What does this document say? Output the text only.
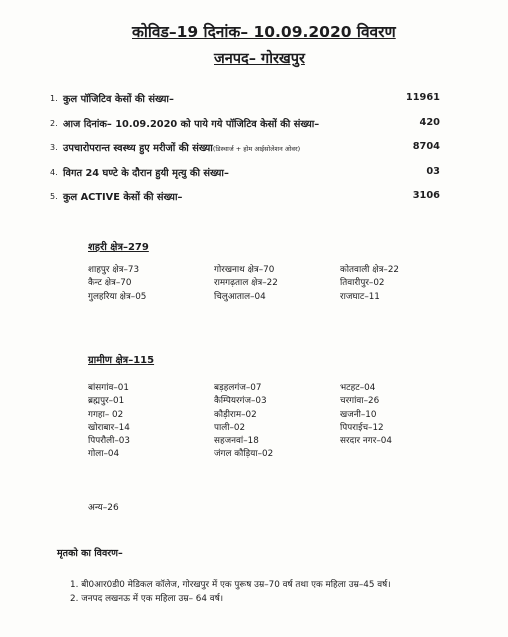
कोविड–19 दिनांक– 10.09.2020 विवरण
जनपद– गोरखपुर
1. कुल पॉजिटिव केसों की संख्या–	11961
2. आज दिनांक– 10.09.2020 को पाये गये पॉजिटिव केसों की संख्या–	420
3. उपचारोपरान्त स्वस्थ्य हुए मरीजों की संख्या(डिस्चार्ज + होम आईसोलेशन ओवर)	8704
4. विगत 24 घण्टे के दौरान हुयी मृत्यु की संख्या–	03
5. कुल ACTIVE केसों की संख्या–	3106
शहरी क्षेत्र–279
शाहपुर क्षेत्र–73	गोरखनाथ क्षेत्र–70	कोतवाली क्षेत्र–22
कैन्ट क्षेत्र–70	रामगढ़ताल क्षेत्र–22	तिवारीपुर–02
गुलहरिया क्षेत्र–05	चिलुआताल–04	राजघाट–11
ग्रामीण क्षेत्र–115
बांसगांव–01	बड़हलगंज–07	भटहट–04
ब्रह्मपुर–01	कैम्पियरगंज–03	चरगांवा–26
गगहा– 02	कौड़ीराम–02	खजनी–10
खोराबार–14	पाली–02	पिपराईच–12
पिपरौली–03	सहजनवां–18	सरदार नगर–04
गोला–04	जंगल कौड़िया–02
अन्य–26
मृतको का विवरण–
1. बी0आर0डी0 मेडिकल कॉलेज, गोरखपुर में एक पुरूष उम्र–70 वर्ष तथा एक महिला उम्र–45 वर्ष।
2. जनपद लखनऊ में एक महिला उम्र– 64 वर्ष।
